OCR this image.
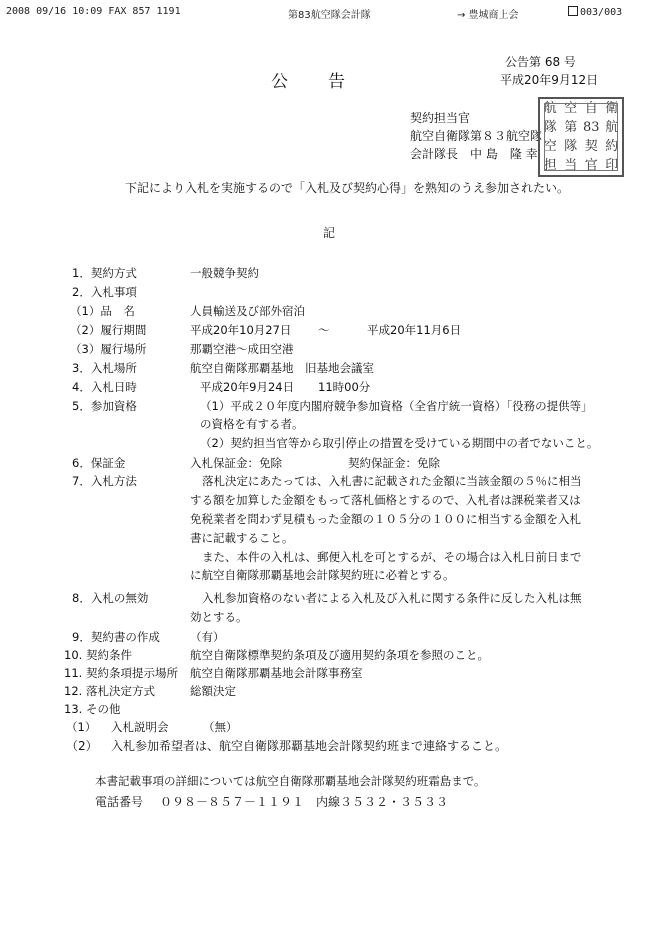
2008 09/16 10:09 FAX 857 1191	第83航空隊会計隊	→ 豊城商上会	003/003
公告第 68 号
平成20年9月12日
公　　告
契約担当官
航空自衛隊第８３航空隊
会計隊長　中 島　隆 幸
航 空 自 衛
隊 第 83 航
空 隊 契 約
担 当 官 印
下記により入札を実施するので「入札及び契約心得」を熟知のうえ参加されたい。
記
1．契約方式	一般競争契約
2．入札事項
（1）品　名	人員輸送及び部外宿泊
（2）履行期間	平成20年10月27日 ～	平成20年11月6日
（3）履行場所	那覇空港～成田空港
3．入札場所	航空自衛隊那覇基地　旧基地会議室
4．入札日時	平成20年9月24日 11時00分
5．参加資格	（1）平成２０年度内閣府競争参加資格（全省庁統一資格）「役務の提供等」
の資格を有する者。
（2）契約担当官等から取引停止の措置を受けている期間中の者でないこと。
6．保証金	入札保証金：免除	契約保証金：免除
7．入札方法	落札決定にあたっては、入札書に記載された金額に当該金額の５％に相当
する額を加算した金額をもって落札価格とするので、入札者は課税業者又は
免税業者を問わず見積もった金額の１０５分の１００に相当する金額を入札
書に記載すること。
また、本件の入札は、郵便入札を可とするが、その場合は入札日前日まで
に航空自衛隊那覇基地会計隊契約班に必着とする。
8．入札の無効	入札参加資格のない者による入札及び入札に関する条件に反した入札は無
効とする。
9．契約書の作成	（有）
10. 契約条件	航空自衛隊標準契約条項及び適用契約条項を参照のこと。
11. 契約条項提示場所 航空自衛隊那覇基地会計隊事務室
12. 落札決定方式	総額決定
13. その他
（1） 入札説明会	（無）
（2） 入札参加希望者は、航空自衛隊那覇基地会計隊契約班まで連絡すること。
本書記載事項の詳細については航空自衛隊那覇基地会計隊契約班霜島まで。
電話番号 ０９８－８５７－１１９１　内線３５３２・３５３３
